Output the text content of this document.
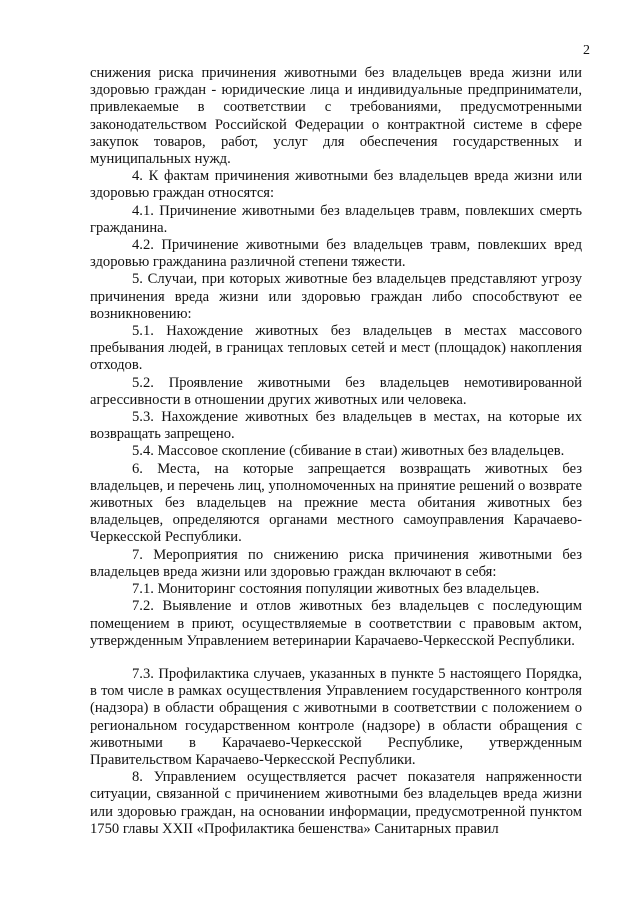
2

снижения риска причинения животными без владельцев вреда жизни или здоровью граждан - юридические лица и индивидуальные предприниматели, привлекаемые в соответствии с требованиями, предусмотренными законодательством Российской Федерации о контрактной системе в сфере закупок товаров, работ, услуг для обеспечения государственных и муниципальных нужд.

4. К фактам причинения животными без владельцев вреда жизни или здоровью граждан относятся:

4.1. Причинение животными без владельцев травм, повлекших смерть гражданина.

4.2. Причинение животными без владельцев травм, повлекших вред здоровью гражданина различной степени тяжести.

5. Случаи, при которых животные без владельцев представляют угрозу причинения вреда жизни или здоровью граждан либо способствуют ее возникновению:

5.1. Нахождение животных без владельцев в местах массового пребывания людей, в границах тепловых сетей и мест (площадок) накопления отходов.

5.2. Проявление животными без владельцев немотивированной агрессивности в отношении других животных или человека.

5.3. Нахождение животных без владельцев в местах, на которые их возвращать запрещено.

5.4. Массовое скопление (сбивание в стаи) животных без владельцев.

6. Места, на которые запрещается возвращать животных без владельцев, и перечень лиц, уполномоченных на принятие решений о возврате животных без владельцев на прежние места обитания животных без владельцев, определяются органами местного самоуправления Карачаево-Черкесской Республики.

7. Мероприятия по снижению риска причинения животными без владельцев вреда жизни или здоровью граждан включают в себя:

7.1. Мониторинг состояния популяции животных без владельцев.

7.2. Выявление и отлов животных без владельцев с последующим помещением в приют, осуществляемые в соответствии с правовым актом, утвержденным Управлением ветеринарии Карачаево-Черкесской Республики.

7.3. Профилактика случаев, указанных в пункте 5 настоящего Порядка, в том числе в рамках осуществления Управлением государственного контроля (надзора) в области обращения с животными в соответствии с положением о региональном государственном контроле (надзоре) в области обращения с животными в Карачаево-Черкесской Республике, утвержденным Правительством Карачаево-Черкесской Республики.

8. Управлением осуществляется расчет показателя напряженности ситуации, связанной с причинением животными без владельцев вреда жизни или здоровью граждан, на основании информации, предусмотренной пунктом 1750 главы XXII «Профилактика бешенства» Санитарных правил
